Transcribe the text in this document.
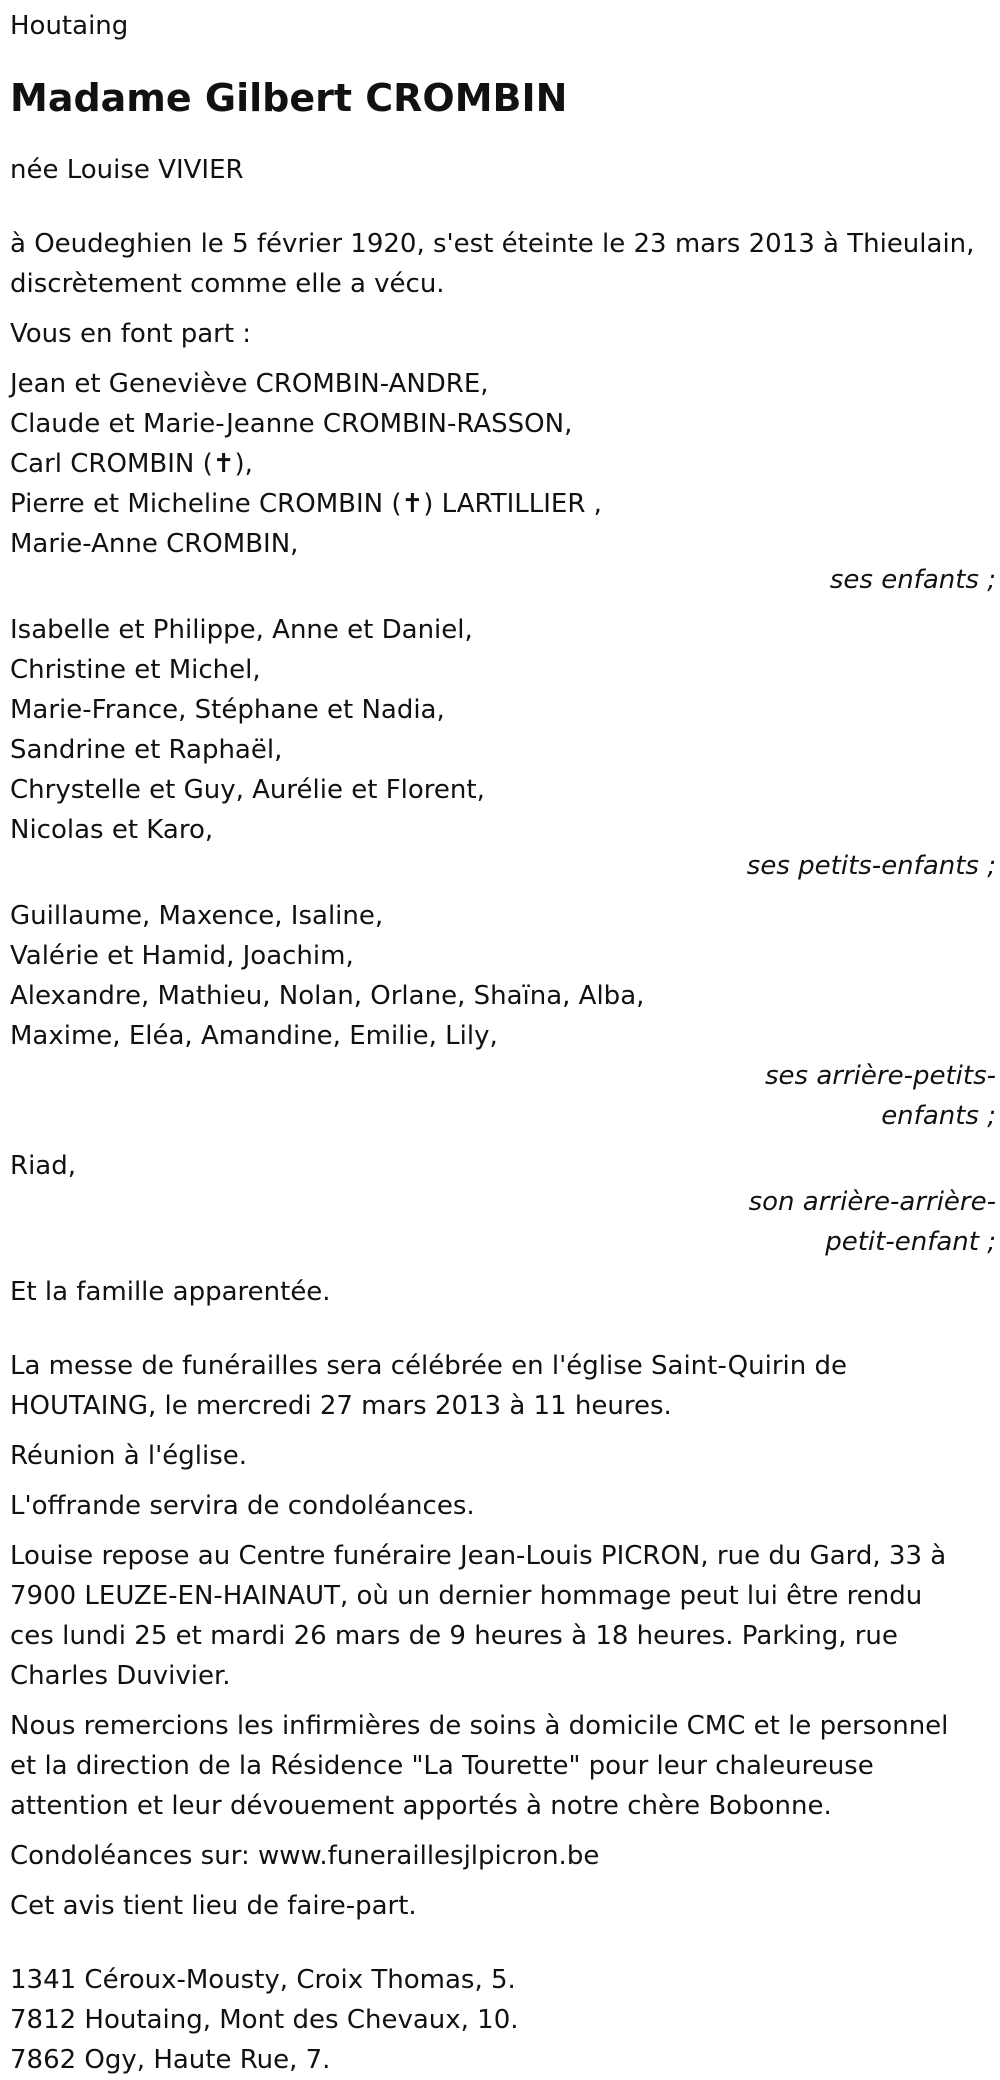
Houtaing
Madame Gilbert CROMBIN
née Louise VIVIER
à Oeudeghien le 5 février 1920, s'est éteinte le 23 mars 2013 à Thieulain,
discrètement comme elle a vécu.
Vous en font part :
Jean et Geneviève CROMBIN-ANDRE,
Claude et Marie-Jeanne CROMBIN-RASSON,
Carl CROMBIN (✝),
Pierre et Micheline CROMBIN (✝) LARTILLIER ,
Marie-Anne CROMBIN,
ses enfants ;
Isabelle et Philippe, Anne et Daniel,
Christine et Michel,
Marie-France, Stéphane et Nadia,
Sandrine et Raphaël,
Chrystelle et Guy, Aurélie et Florent,
Nicolas et Karo,
ses petits-enfants ;
Guillaume, Maxence, Isaline,
Valérie et Hamid, Joachim,
Alexandre, Mathieu, Nolan, Orlane, Shaïna, Alba,
Maxime, Eléa, Amandine, Emilie, Lily,
ses arrière-petits-
enfants ;
Riad,
son arrière-arrière-
petit-enfant ;
Et la famille apparentée.
La messe de funérailles sera célébrée en l'église Saint-Quirin de
HOUTAING, le mercredi 27 mars 2013 à 11 heures.
Réunion à l'église.
L'offrande servira de condoléances.
Louise repose au Centre funéraire Jean-Louis PICRON, rue du Gard, 33 à
7900 LEUZE-EN-HAINAUT, où un dernier hommage peut lui être rendu
ces lundi 25 et mardi 26 mars de 9 heures à 18 heures. Parking, rue
Charles Duvivier.
Nous remercions les infirmières de soins à domicile CMC et le personnel
et la direction de la Résidence "La Tourette" pour leur chaleureuse
attention et leur dévouement apportés à notre chère Bobonne.
Condoléances sur: www.funeraillesjlpicron.be
Cet avis tient lieu de faire-part.
1341 Céroux-Mousty, Croix Thomas, 5.
7812 Houtaing, Mont des Chevaux, 10.
7862 Ogy, Haute Rue, 7.
